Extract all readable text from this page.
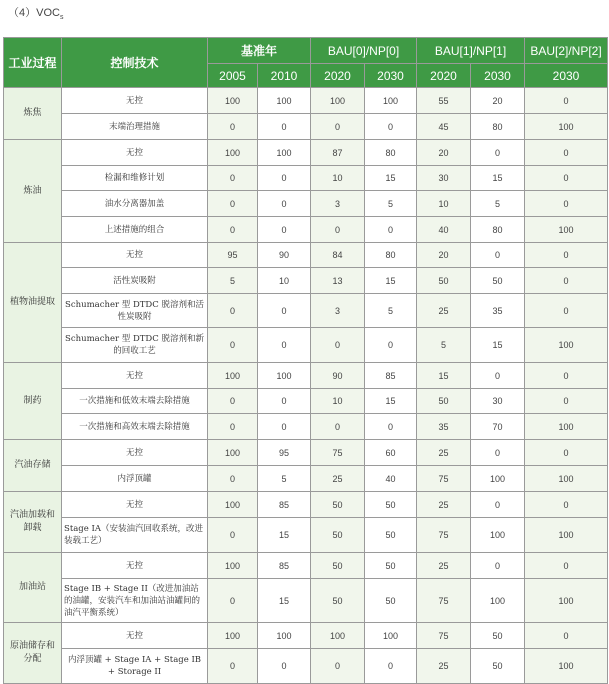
$(4)VOC_s$
工业过程	控制技术	基准年		BAU[0]/NP[0]		BAU[1]/NP[1]		BAU[2]/NP[2]
		2005	2010	2020	2030	2020	2030	2030
炼焦	无控	100	100	100	100	55	20	0
	末端治理措施	0	0	0	0	45	80	100
炼油	无控	100	100	87	80	20	0	0
	检漏和维修计划	0	0	10	15	30	15	0
	油水分离器加盖	0	0	3	5	10	5	0
	上述措施的组合	0	0	0	0	40	80	100
植物油提取	无控	95	90	84	80	20	0	0
	活性炭吸附	5	10	13	15	50	50	0
	Schumacher 型 DTDC 脱溶剂和活性炭吸附	0	0	3	5	25	35	0
	Schumacher 型 DTDC 脱溶剂和新的回收工艺	0	0	0	0	5	15	100
制药	无控	100	100	90	85	15	0	0
	一次措施和低效末端去除措施	0	0	10	15	50	30	0
	一次措施和高效末端去除措施	0	0	0	0	35	70	100
汽油存储	无控	100	95	75	60	25	0	0
	内浮顶罐	0	5	25	40	75	100	100
汽油加载和卸载	无控	100	85	50	50	25	0	0
	Stage IA（安装油汽回收系统，改进装载工艺）	0	15	50	50	75	100	100
加油站	无控	100	85	50	50	25	0	0
	Stage IB + Stage II（改进加油站的油罐，安装汽车和加油站油罐间的油汽平衡系统）	0	15	50	50	75	100	100
原油储存和分配	无控	100	100	100	100	75	50	0
	内浮顶罐 + Stage IA + Stage IB + Storage II	0	0	0	0	25	50	100
